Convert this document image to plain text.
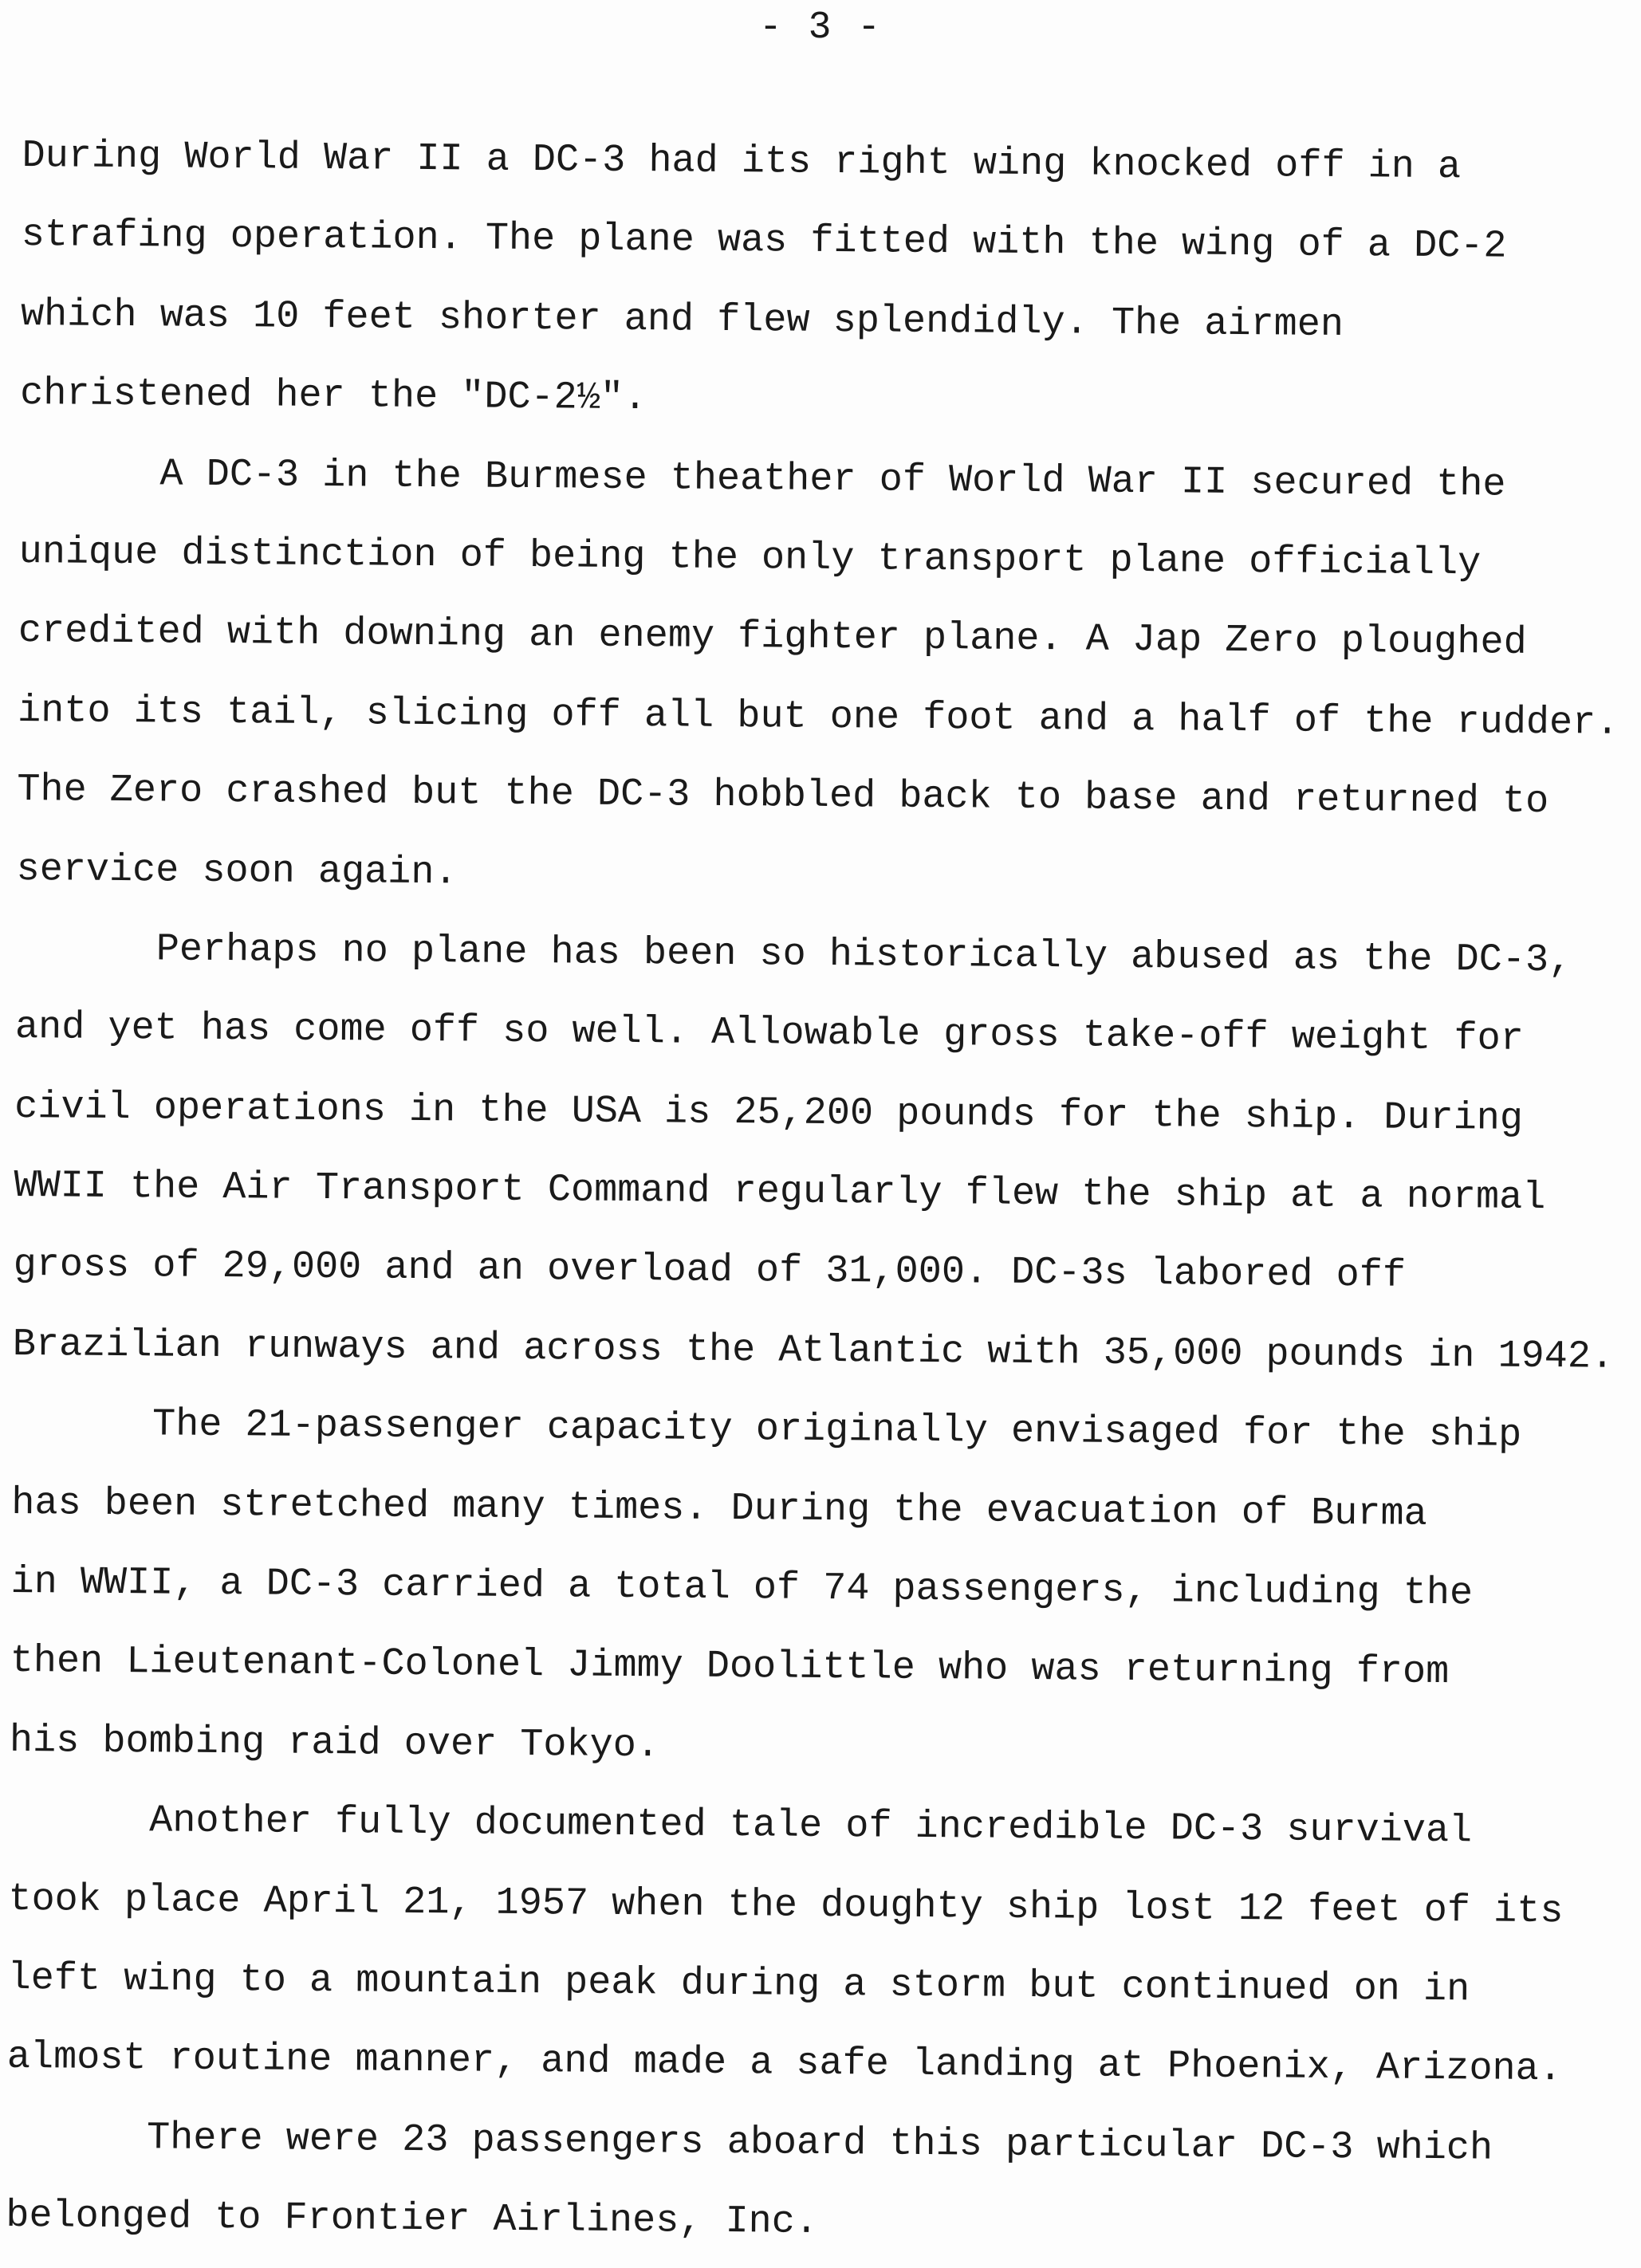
- 3 -
During World War II a DC-3 had its right wing knocked off in a
strafing operation. The plane was fitted with the wing of a DC-2
which was 10 feet shorter and flew splendidly. The airmen
christened her the "DC-2½".
A DC-3 in the Burmese theather of World War II secured the
unique distinction of being the only transport plane officially
credited with downing an enemy fighter plane. A Jap Zero ploughed
into its tail, slicing off all but one foot and a half of the rudder.
The Zero crashed but the DC-3 hobbled back to base and returned to
service soon again.
Perhaps no plane has been so historically abused as the DC-3,
and yet has come off so well. Allowable gross take-off weight for
civil operations in the USA is 25,200 pounds for the ship. During
WWII the Air Transport Command regularly flew the ship at a normal
gross of 29,000 and an overload of 31,000. DC-3s labored off
Brazilian runways and across the Atlantic with 35,000 pounds in 1942.
The 21-passenger capacity originally envisaged for the ship
has been stretched many times. During the evacuation of Burma
in WWII, a DC-3 carried a total of 74 passengers, including the
then Lieutenant-Colonel Jimmy Doolittle who was returning from
his bombing raid over Tokyo.
Another fully documented tale of incredible DC-3 survival
took place April 21, 1957 when the doughty ship lost 12 feet of its
left wing to a mountain peak during a storm but continued on in
almost routine manner, and made a safe landing at Phoenix, Arizona.
There were 23 passengers aboard this particular DC-3 which
belonged to Frontier Airlines, Inc.
